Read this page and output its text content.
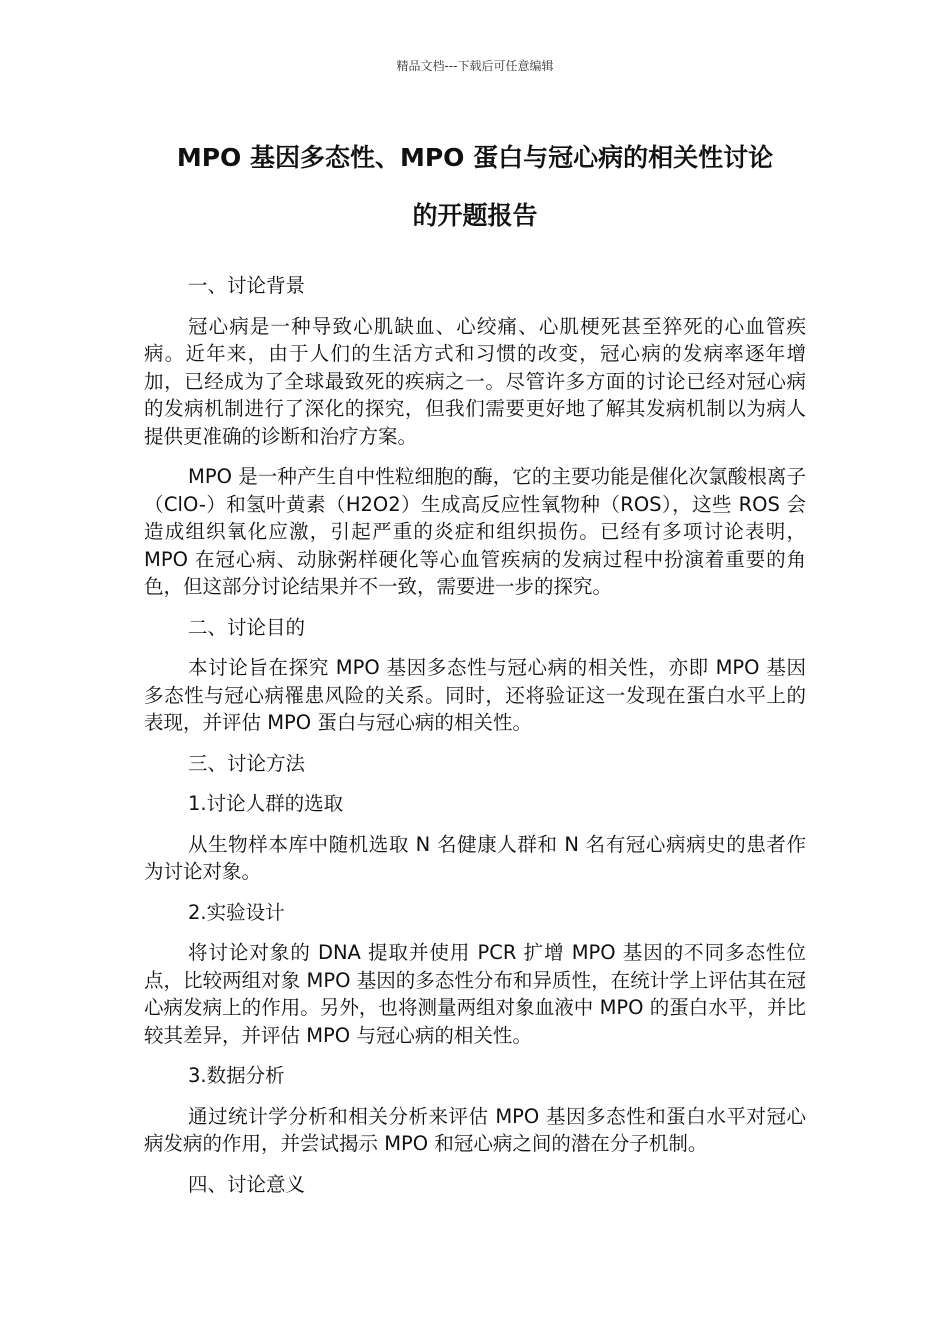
精品文档---下载后可任意编辑
MPO 基因多态性、MPO 蛋白与冠心病的相关性讨论
的开题报告

一、讨论背景

冠心病是一种导致心肌缺血、心绞痛、心肌梗死甚至猝死的心血管疾病。近年来，由于人们的生活方式和习惯的改变，冠心病的发病率逐年增加，已经成为了全球最致死的疾病之一。尽管许多方面的讨论已经对冠心病的发病机制进行了深化的探究，但我们需要更好地了解其发病机制以为病人提供更准确的诊断和治疗方案。

MPO 是一种产生自中性粒细胞的酶，它的主要功能是催化次氯酸根离子（ClO-）和氢叶黄素（H2O2）生成高反应性氧物种（ROS），这些 ROS 会造成组织氧化应激，引起严重的炎症和组织损伤。已经有多项讨论表明，MPO 在冠心病、动脉粥样硬化等心血管疾病的发病过程中扮演着重要的角色，但这部分讨论结果并不一致，需要进一步的探究。

二、讨论目的

本讨论旨在探究 MPO 基因多态性与冠心病的相关性，亦即 MPO 基因多态性与冠心病罹患风险的关系。同时，还将验证这一发现在蛋白水平上的表现，并评估 MPO 蛋白与冠心病的相关性。

三、讨论方法

1.讨论人群的选取

从生物样本库中随机选取 N 名健康人群和 N 名有冠心病病史的患者作为讨论对象。

2.实验设计

将讨论对象的 DNA 提取并使用 PCR 扩增 MPO 基因的不同多态性位点，比较两组对象 MPO 基因的多态性分布和异质性，在统计学上评估其在冠心病发病上的作用。另外，也将测量两组对象血液中 MPO 的蛋白水平，并比较其差异，并评估 MPO 与冠心病的相关性。

3.数据分析

通过统计学分析和相关分析来评估 MPO 基因多态性和蛋白水平对冠心病发病的作用，并尝试揭示 MPO 和冠心病之间的潜在分子机制。

四、讨论意义
